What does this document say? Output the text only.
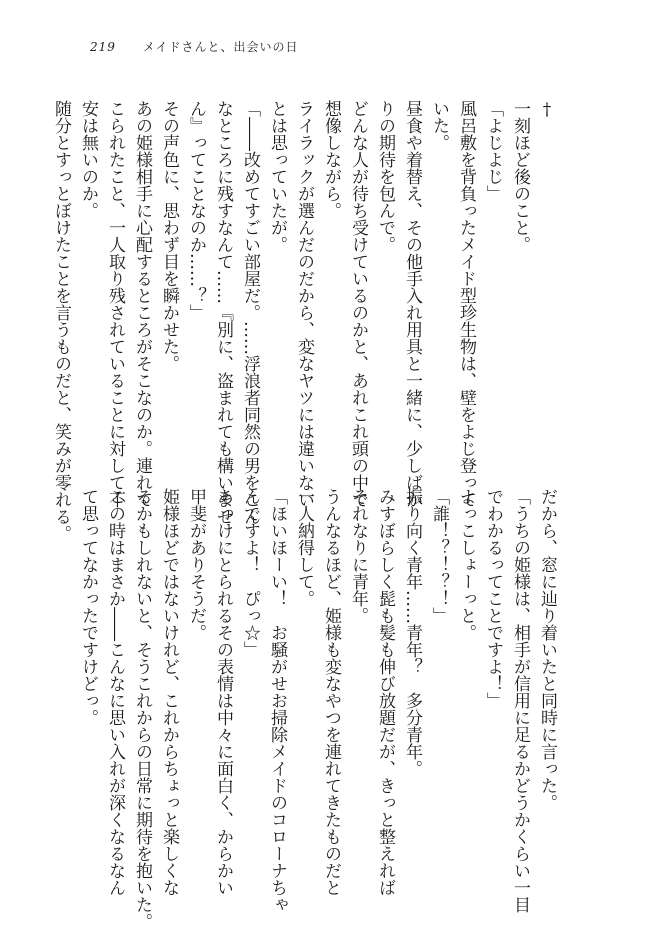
219 メイドさんと、出会いの日
†
一刻ほど後のこと。
「よじよじ」
風呂敷を背負ったメイド型珍生物は、壁をよじ登って
いた。
昼食や着替え、その他手入れ用具と一緒に、少しばか
りの期待を包んで。
どんな人が待ち受けているのかと、あれこれ頭の中で
想像しながら。
ライラックが選んだのだから、変なヤツには違いない
とは思っていたが。
「――改めてすごい部屋だ。……浮浪者同然の男をこん
なところに残すなんて……『別に、盗まれても構いませ
ん』ってことなのか……？」
その声色に、思わず目を瞬かせた。
あの姫様相手に心配するところがそこなのか。連れて
こられたこと、一人取り残されていることに対して不
安は無いのか。
随分とすっとぼけたことを言うものだと、笑みが零れる。
だから、窓に辿り着いたと同時に言った。
「うちの姫様は、相手が信用に足るかどうかくらい一目
でわかるってことですよ！」
よっこしょーっと。
「誰！？！？！」
振り向く青年……青年？　多分青年。
みすぼらしく髭も髪も伸び放題だが、きっと整えれば
それなりに青年。
うんなるほど、姫様も変なやつを連れてきたものだと
一人納得して。
「ほいほーい！　お騒がせお掃除メイドのコローナちゃ
んですよ！　ぴっ☆」
あっけにとられるその表情は中々に面白く、からかい
甲斐がありそうだ。
姫様ほどではないけれど、これからちょっと楽しくな
るかもしれないと、そうこれからの日常に期待を抱いた。
この時はまさか――こんなに思い入れが深くなるなん
て思ってなかったですけどっ。
